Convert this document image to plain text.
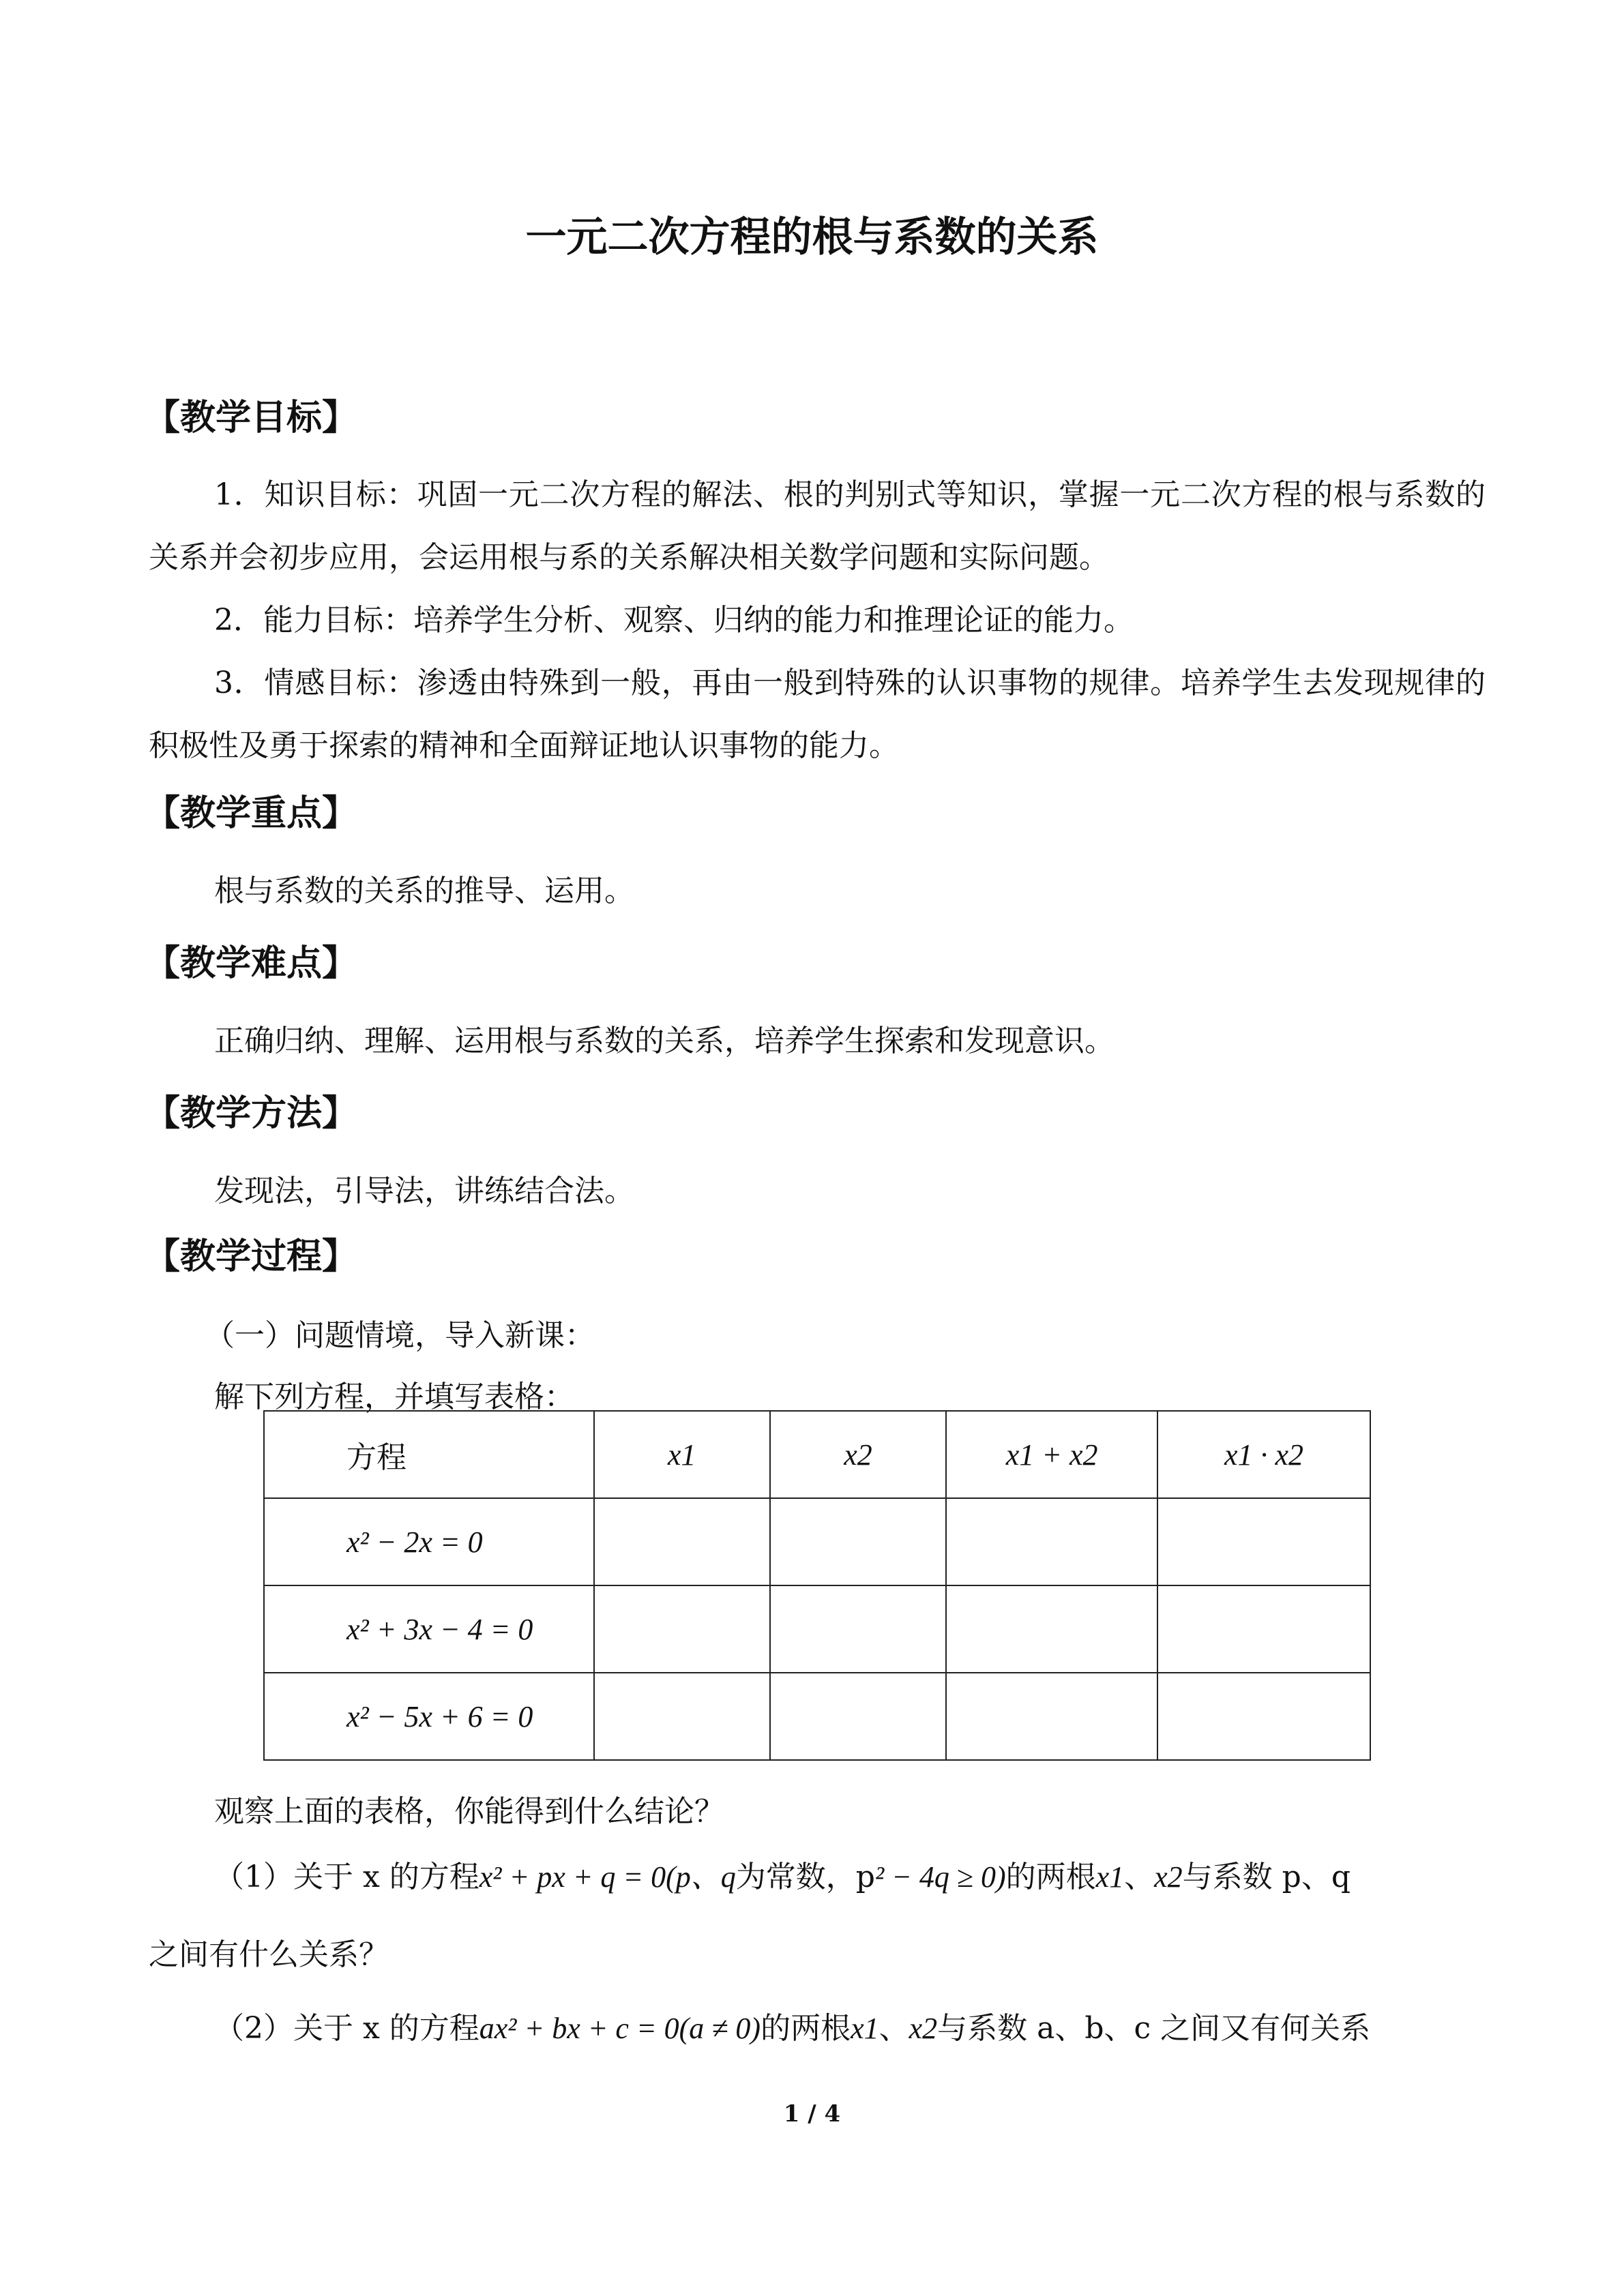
一元二次方程的根与系数的关系
【教学目标】
1．知识目标：巩固一元二次方程的解法、根的判别式等知识，掌握一元二次方程的根与系数的关系并会初步应用，会运用根与系的关系解决相关数学问题和实际问题。
2．能力目标：培养学生分析、观察、归纳的能力和推理论证的能力。
3．情感目标：渗透由特殊到一般，再由一般到特殊的认识事物的规律。培养学生去发现规律的积极性及勇于探索的精神和全面辩证地认识事物的能力。
【教学重点】
根与系数的关系的推导、运用。
【教学难点】
正确归纳、理解、运用根与系数的关系，培养学生探索和发现意识。
【教学方法】
发现法，引导法，讲练结合法。
【教学过程】
（一）问题情境，导入新课：
解下列方程，并填写表格：
方程	x1	x2	x1 + x2	x1 · x2
x² − 2x = 0				
x² + 3x − 4 = 0				
x² − 5x + 6 = 0				
观察上面的表格，你能得到什么结论？
（1）关于 x 的方程x² + px + q = 0(p、q为常数，p² − 4q ≥ 0)的两根x1、x2与系数 p、q
之间有什么关系？
（2）关于 x 的方程ax² + bx + c = 0(a ≠ 0)的两根x1、x2与系数 a、b、c 之间又有何关系
1 / 4
